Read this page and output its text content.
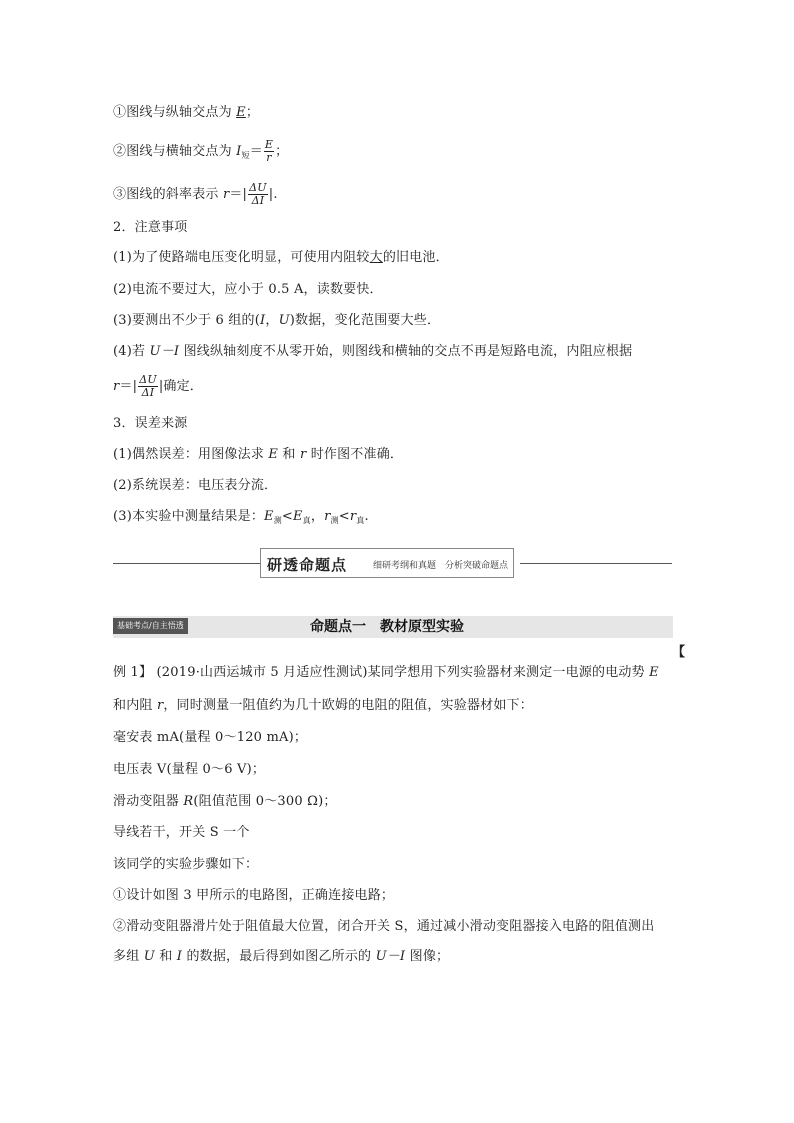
①图线与纵轴交点为 E；
②图线与横轴交点为 $I_短= \frac{E}{r}$ ；
③图线的斜率表示 $r=| \frac{\Delta U}{\Delta I}$ |.
2．注意事项
(1)为了使路端电压变化明显，可使用内阻较大的旧电池．
(2)电流不要过大，应小于 0.5 A，读数要快．
(3)要测出不少于 6 组的(I，U)数据，变化范围要大些．
(4)若 U－I 图线纵轴刻度不从零开始，则图线和横轴的交点不再是短路电流，内阻应根据
$r=| \frac{\Delta U}{\Delta I}$ |确定．
3．误差来源
(1)偶然误差：用图像法求 E 和 r 时作图不准确．
(2)系统误差：电压表分流．
(3)本实验中测量结果是：$E_测<E_真$，$r_测<r_真$.
研透命题点	细研考纲和真题　分析突破命题点
基础考点/自主悟透	命题点一　教材原型实验
【
例 1】 (2019·山西运城市 5 月适应性测试)某同学想用下列实验器材来测定一电源的电动势 E
和内阻 r，同时测量一阻值约为几十欧姆的电阻的阻值，实验器材如下：
毫安表 mA(量程 0～120 mA)；
电压表 V(量程 0～6 V)；
滑动变阻器 R(阻值范围 0～300 Ω)；
导线若干，开关 S 一个
该同学的实验步骤如下：
①设计如图 3 甲所示的电路图，正确连接电路；
②滑动变阻器滑片处于阻值最大位置，闭合开关 S，通过减小滑动变阻器接入电路的阻值测出
多组 U 和 I 的数据，最后得到如图乙所示的 U－I 图像；
